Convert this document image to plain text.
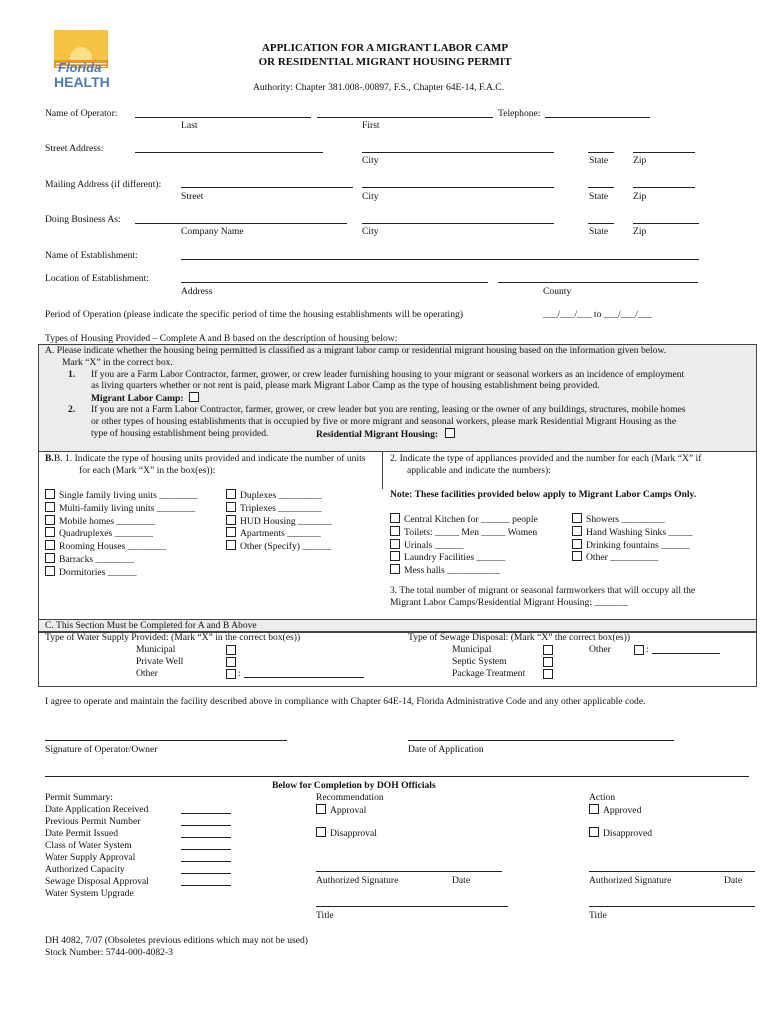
Florida
HEALTH
APPLICATION FOR A MIGRANT LABOR CAMP
OR RESIDENTIAL MIGRANT HOUSING PERMIT
Authority: Chapter 381.008-.00897, F.S., Chapter 64E-14, F.A.C.
Name of Operator:	Telephone:
Last	First
Street Address:
City	State	Zip
Mailing Address (if different):
Street	City	State	Zip
Doing Business As:
Company Name	City	State	Zip
Name of Establishment:
Location of Establishment:
Address	County
Period of Operation (please indicate the specific period of time the housing establishments will be operating)	___/___/___ to ___/___/___
Types of Housing Provided – Complete A and B based on the description of housing below:
A. Please indicate whether the housing being permitted is classified as a migrant labor camp or residential migrant housing based on the information given below.
Mark “X” in the correct box.
1. If you are a Farm Labor Contractor, farmer, grower, or crew leader furnishing housing to your migrant or seasonal workers as an incidence of employment
as living quarters whether or not rent is paid, please mark Migrant Labor Camp as the type of housing establishment being provided.
Migrant Labor Camp:
2. If you are not a Farm Labor Contractor, farmer, grower, or crew leader but you are renting, leasing or the owner of any buildings, structures, mobile homes
or other types of housing establishments that is occupied by five or more migrant and seasonal workers, please mark Residential Migrant Housing as the
type of housing establishment being provided.	Residential Migrant Housing:
B.B. 1. Indicate the type of housing units provided and indicate the number of units
for each (Mark “X” in the box(es)):
2. Indicate the type of appliances provided and the number for each (Mark “X” if
applicable and indicate the numbers):
Single family living units ________
Multi-family living units ________
Mobile homes ________
Quadruplexes ________
Rooming Houses ________
Barracks ________
Dormitories ______
Duplexes _________
Triplexes _________
HUD Housing _______
Apartments _______
Other (Specify) ______
Note: These facilities provided below apply to Migrant Labor Camps Only.
Central Kitchen for ______ people
Toilets: _____ Men _____ Women
Urinals ______
Laundry Facilities ______
Mess halls ___________
Showers _________
Hand Washing Sinks _____
Drinking fountains ______
Other __________
3. The total number of migrant or seasonal farmworkers that will occupy all the
Migrant Labor Camps/Residential Migrant Housing: _______
C. This Section Must be Completed for A and B Above
Type of Water Supply Provided: (Mark “X” in the correct box(es))
Municipal
Private Well
Other	:
Type of Sewage Disposal: (Mark “X” the correct box(es))
Municipal
Septic System
Package Treatment
Other	:
I agree to operate and maintain the facility described above in compliance with Chapter 64E-14, Florida Administrative Code and any other applicable code.
Signature of Operator/Owner	Date of Application
Below for Completion by DOH Officials
Permit Summary:
Date Application Received
Previous Permit Number
Date Permit Issued
Class of Water System
Water Supply Approval
Authorized Capacity
Sewage Disposal Approval
Water System Upgrade
Recommendation
Approval
Disapproval
Action
Approved
Disapproved
Authorized Signature	Date	Authorized Signature	Date
Title	Title
DH 4082, 7/07 (Obsoletes previous editions which may not be used)
Stock Number: 5744-000-4082-3
